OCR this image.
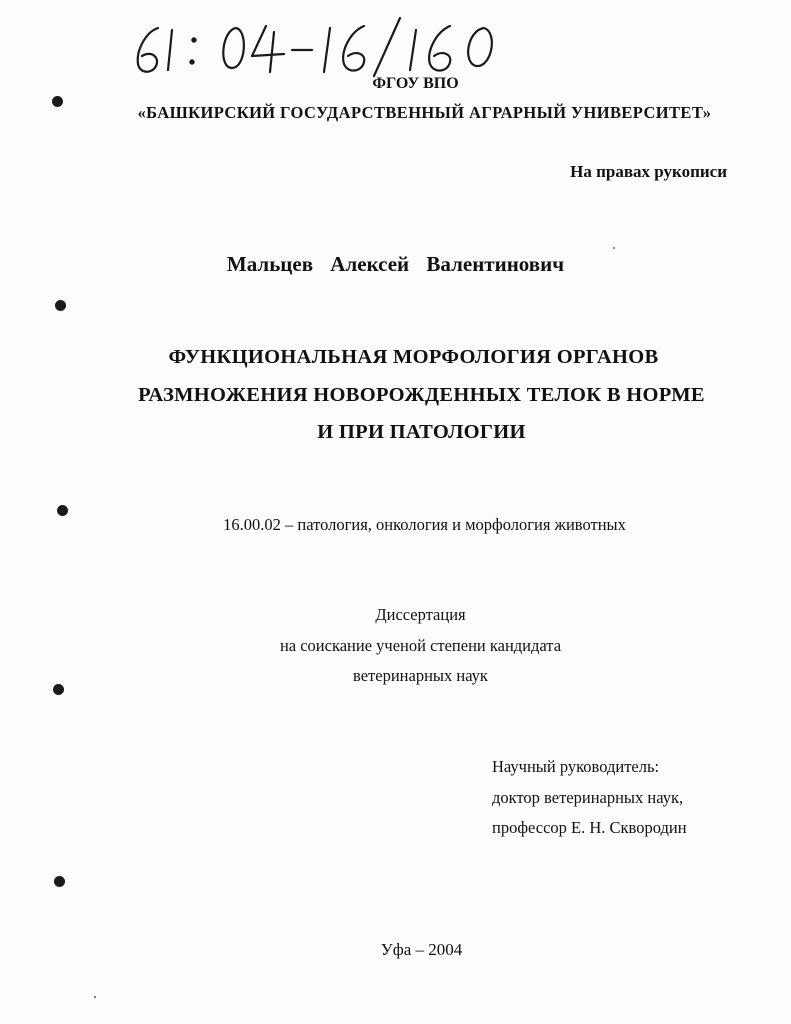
ФГОУ ВПО
«БАШКИРСКИЙ ГОСУДАРСТВЕННЫЙ АГРАРНЫЙ УНИВЕРСИТЕТ»
На правах рукописи
Мальцев Алексей Валентинович
ФУНКЦИОНАЛЬНАЯ МОРФОЛОГИЯ ОРГАНОВ
РАЗМНОЖЕНИЯ НОВОРОЖДЕННЫХ ТЕЛОК В НОРМЕ
И ПРИ ПАТОЛОГИИ
16.00.02 – патология, онкология и морфология животных
Диссертация
на соискание ученой степени кандидата
ветеринарных наук
Научный руководитель:
доктор ветеринарных наук,
профессор Е. Н. Сквородин
Уфа – 2004
